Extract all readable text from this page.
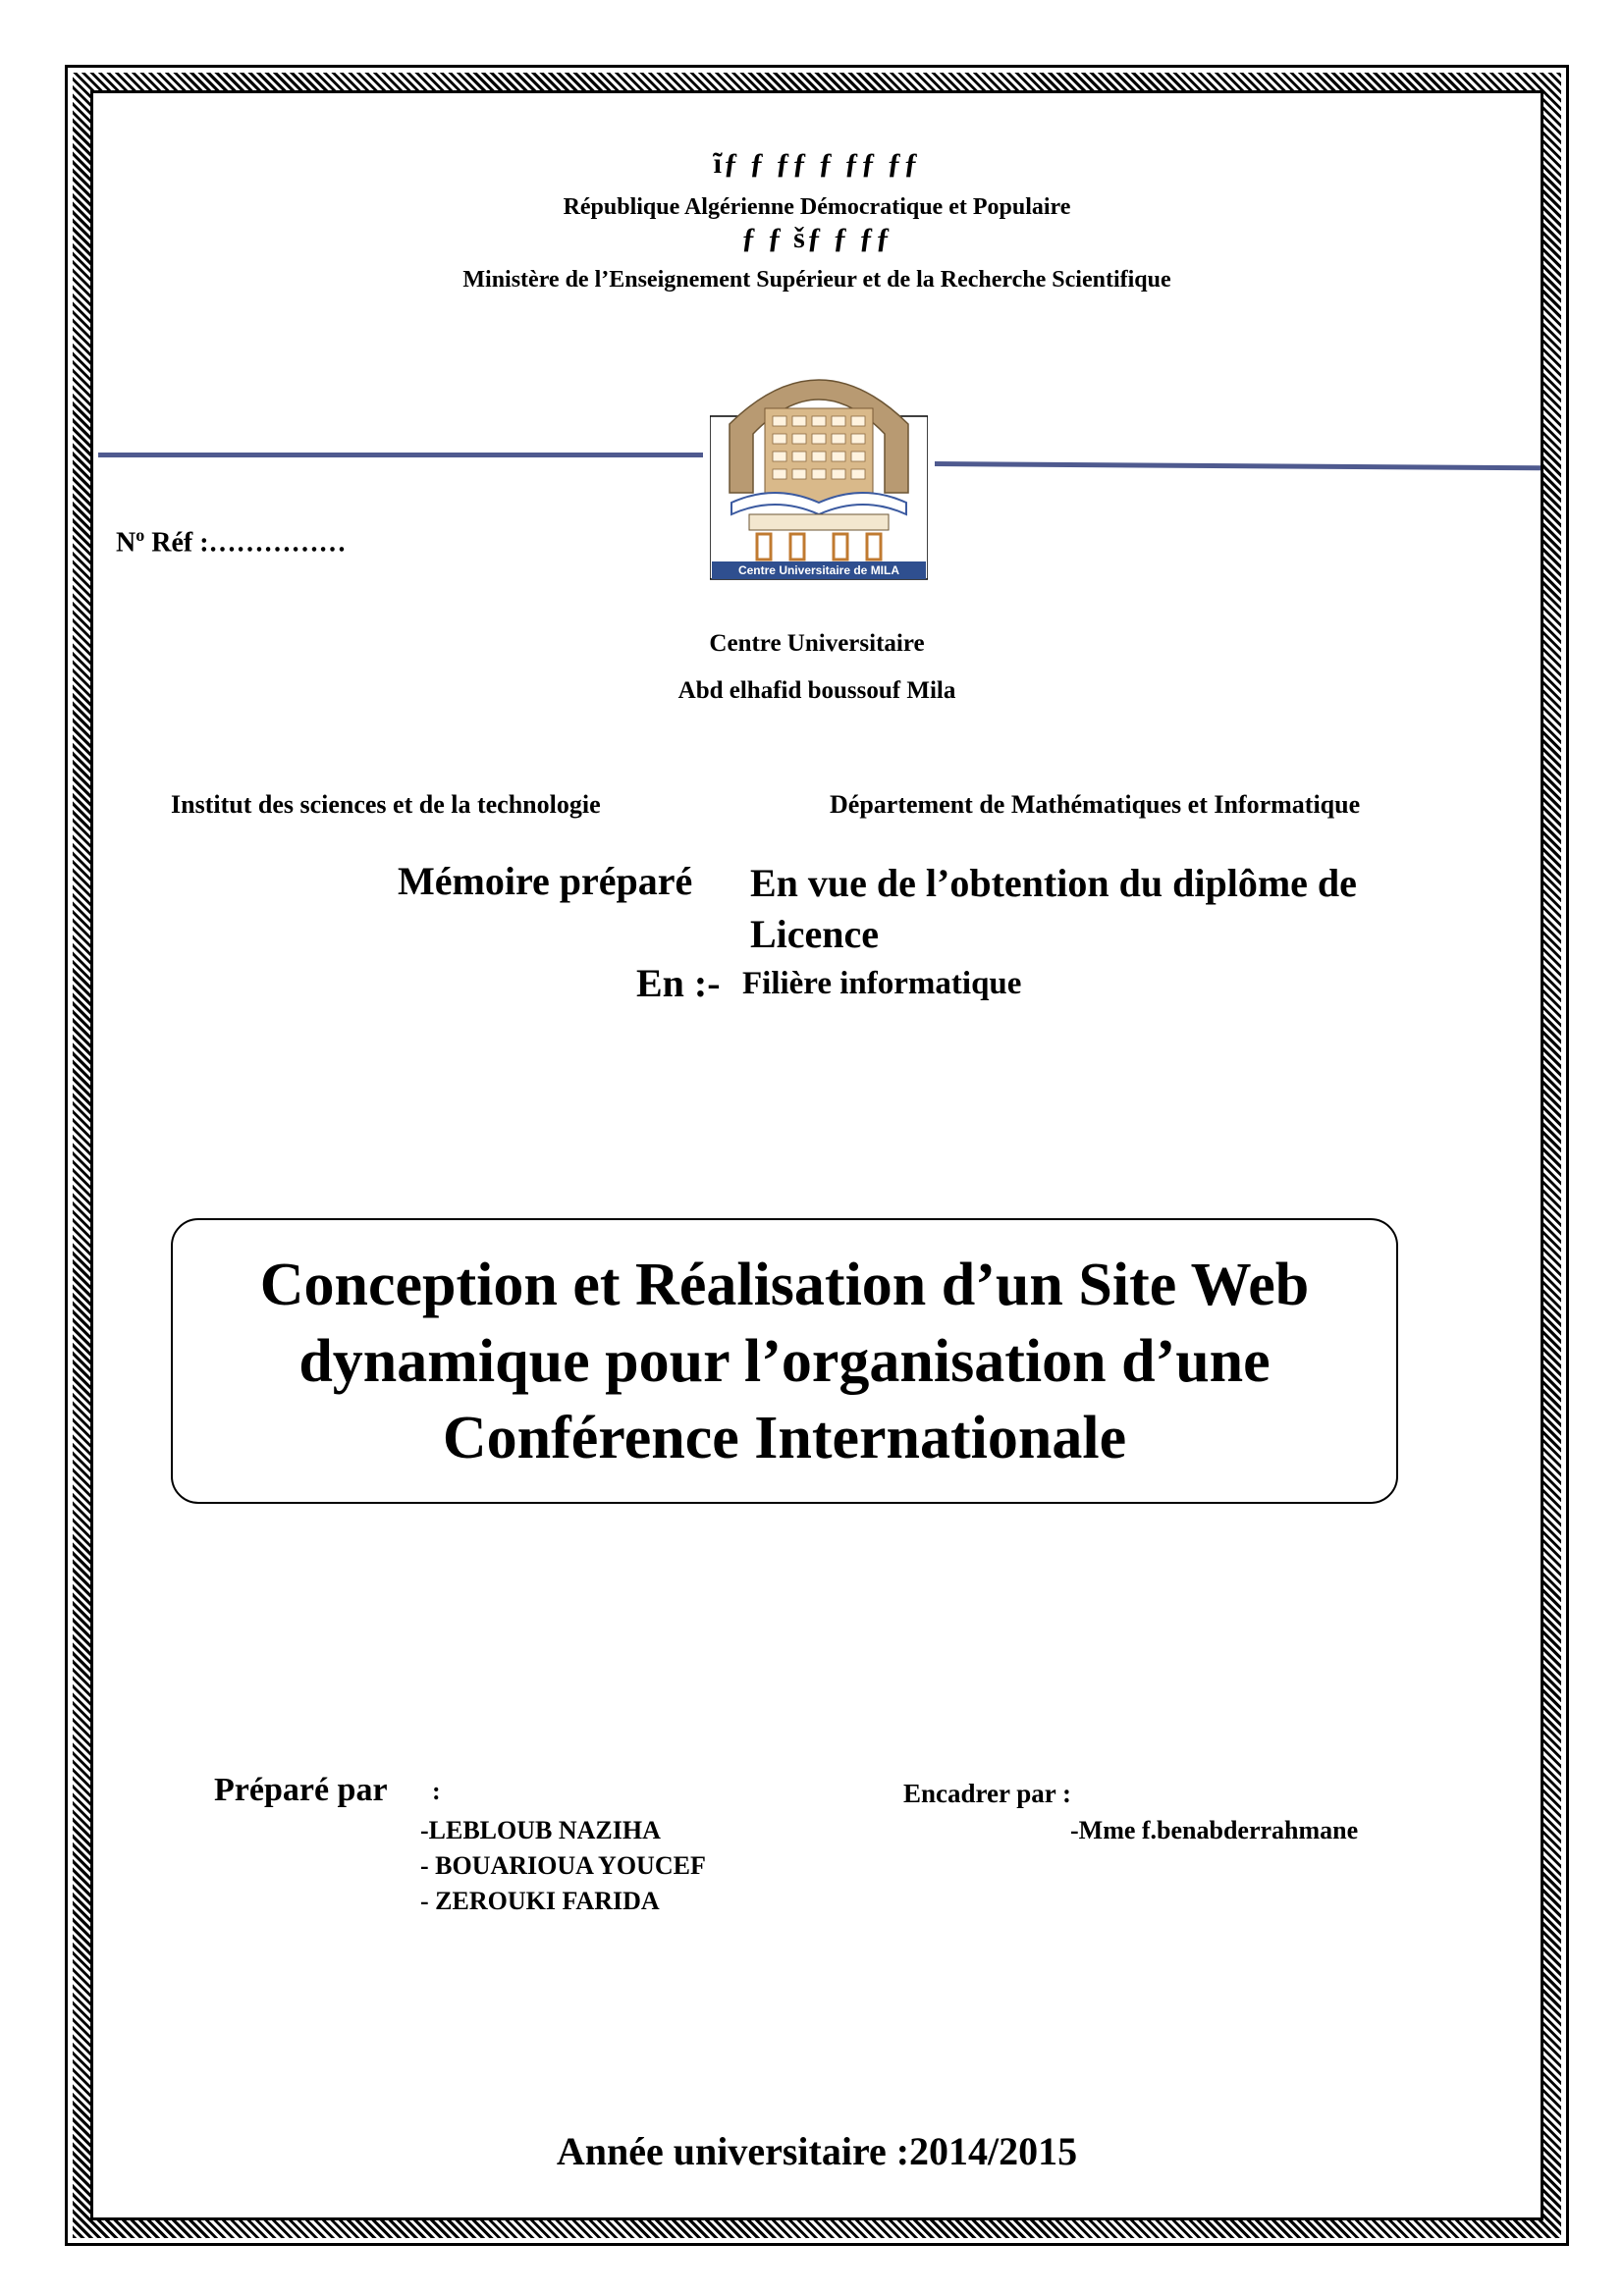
ĩƒ ƒ ƒƒ ƒ ƒƒ ƒƒ
République Algérienne Démocratique et Populaire
ƒ ƒ šƒ ƒ ƒƒ
Ministère de l’Enseignement Supérieur et de la Recherche Scientifique
Centre Universitaire de MILA
$N^o$ Réf :……………
Centre Universitaire
Abd elhafid boussouf Mila
Institut des sciences et de la technologie	Département de Mathématiques et Informatique
Mémoire préparé En vue de l’obtention du diplôme de Licence
En :- Filière informatique
Conception et Réalisation d’un Site Web
dynamique pour l’organisation d’une
Conférence Internationale
Préparé par :
-LEBLOUB NAZIHA
- BOUARIOUA YOUCEF
- ZEROUKI FARIDA
Encadrer par :
-Mme f.benabderrahmane
Année universitaire :2014/2015
